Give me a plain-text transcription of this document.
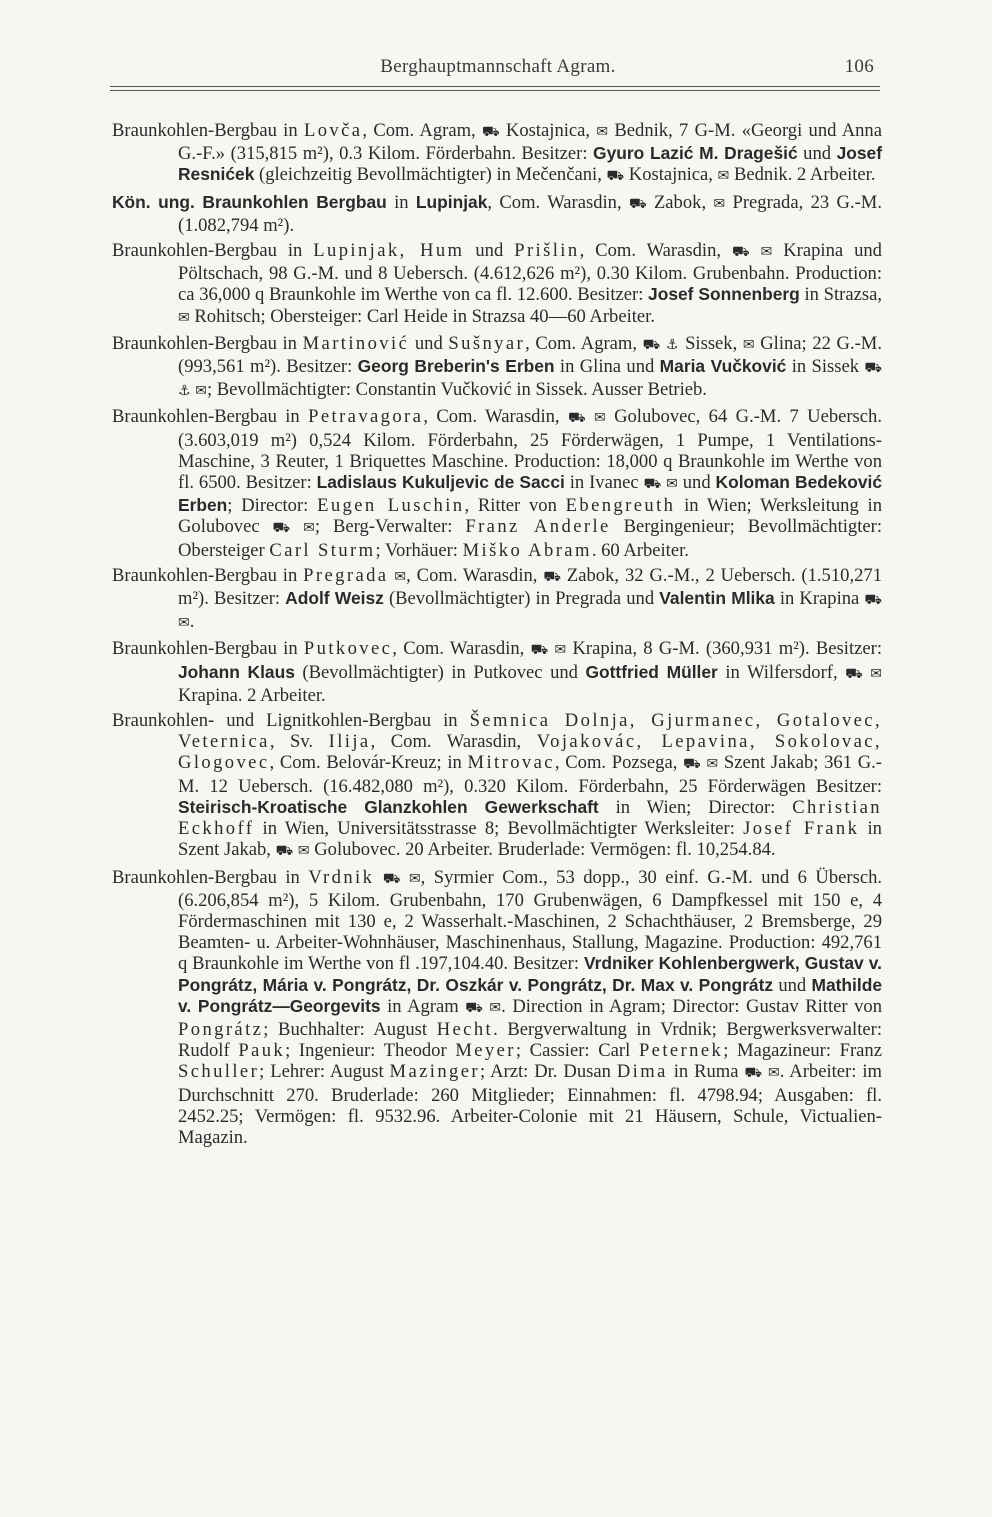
Berghauptmannschaft Agram.	106

Braunkohlen-Bergbau in Lovča, Com. Agram, ⛟ Kostajnica, ✉ Bednik, 7 G-M. «Georgi und Anna G.-F.» (315,815 m²), 0.3 Kilom. Förderbahn. Besitzer: Gyuro Lazić M. Dragešić und Josef Resnićek (gleichzeitig Bevollmächtigter) in Mečenčani, ⛟ Kostajnica, ✉ Bednik. 2 Arbeiter.

Kön. ung. Braunkohlen Bergbau in Lupinjak, Com. Warasdin, ⛟ Zabok, ✉ Pregrada, 23 G.-M. (1.082,794 m²).

Braunkohlen-Bergbau in Lupinjak, Hum und Prišlin, Com. Warasdin, ⛟ ✉ Krapina und Pöltschach, 98 G.-M. und 8 Uebersch. (4.612,626 m²), 0.30 Kilom. Grubenbahn. Production: ca 36,000 q Braunkohle im Werthe von ca fl. 12.600. Besitzer: Josef Sonnenberg in Strazsa, ✉ Rohitsch; Obersteiger: Carl Heide in Strazsa 40—60 Arbeiter.

Braunkohlen-Bergbau in Martinović und Sušnyar, Com. Agram, ⛟ ⚓ Sissek, ✉ Glina; 22 G.-M. (993,561 m²). Besitzer: Georg Breberin's Erben in Glina und Maria Vučković in Sissek ⛟ ⚓ ✉; Bevollmächtigter: Constantin Vučković in Sissek. Ausser Betrieb.

Braunkohlen-Bergbau in Petravagora, Com. Warasdin, ⛟ ✉ Golubovec, 64 G.-M. 7 Uebersch. (3.603,019 m²) 0,524 Kilom. Förderbahn, 25 Förderwägen, 1 Pumpe, 1 Ventilations-Maschine, 3 Reuter, 1 Briquettes Maschine. Production: 18,000 q Braunkohle im Werthe von fl. 6500. Besitzer: Ladislaus Kukuljevic de Sacci in Ivanec ⛟ ✉ und Koloman Bedeković Erben; Director: Eugen Luschin, Ritter von Ebengreuth in Wien; Werksleitung in Golubovec ⛟ ✉; Berg-Verwalter: Franz Anderle Bergingenieur; Bevollmächtigter: Obersteiger Carl Sturm; Vorhäuer: Miško Abram. 60 Arbeiter.

Braunkohlen-Bergbau in Pregrada ✉, Com. Warasdin, ⛟ Zabok, 32 G.-M., 2 Uebersch. (1.510,271 m²). Besitzer: Adolf Weisz (Bevollmächtigter) in Pregrada und Valentin Mlika in Krapina ⛟ ✉.

Braunkohlen-Bergbau in Putkovec, Com. Warasdin, ⛟ ✉ Krapina, 8 G-M. (360,931 m²). Besitzer: Johann Klaus (Bevollmächtigter) in Putkovec und Gottfried Müller in Wilfersdorf, ⛟ ✉ Krapina. 2 Arbeiter.

Braunkohlen- und Lignitkohlen-Bergbau in Šemnica Dolnja, Gjurmanec, Gotalovec, Veternica, Sv. Ilija, Com. Warasdin, Vojakovác, Lepavina, Sokolovac, Glogovec, Com. Belovár-Kreuz; in Mitrovac, Com. Pozsega, ⛟ ✉ Szent Jakab; 361 G.-M. 12 Uebersch. (16.482,080 m²), 0.320 Kilom. Förderbahn, 25 Förderwägen Besitzer: Steirisch-Kroatische Glanzkohlen Gewerkschaft in Wien; Director: Christian Eckhoff in Wien, Universitätsstrasse 8; Bevollmächtigter Werksleiter: Josef Frank in Szent Jakab, ⛟ ✉ Golubovec. 20 Arbeiter. Bruderlade: Vermögen: fl. 10,254.84.

Braunkohlen-Bergbau in Vrdnik ⛟ ✉, Syrmier Com., 53 dopp., 30 einf. G.-M. und 6 Übersch. (6.206,854 m²), 5 Kilom. Grubenbahn, 170 Grubenwägen, 6 Dampfkessel mit 150 e, 4 Fördermaschinen mit 130 e, 2 Wasserhalt.-Maschinen, 2 Schachthäuser, 2 Bremsberge, 29 Beamten- u. Arbeiter-Wohnhäuser, Maschinenhaus, Stallung, Magazine. Production: 492,761 q Braunkohle im Werthe von fl .197,104.40. Besitzer: Vrdniker Kohlenbergwerk, Gustav v. Pongrátz, Mária v. Pongrátz, Dr. Oszkár v. Pongrátz, Dr. Max v. Pongrátz und Mathilde v. Pongrátz—Georgevits in Agram ⛟ ✉. Direction in Agram; Director: Gustav Ritter von Pongrátz; Buchhalter: August Hecht. Bergverwaltung in Vrdnik; Bergwerksverwalter: Rudolf Pauk; Ingenieur: Theodor Meyer; Cassier: Carl Peternek; Magazineur: Franz Schuller; Lehrer: August Mazinger; Arzt: Dr. Dusan Dima in Ruma ⛟ ✉. Arbeiter: im Durchschnitt 270. Bruderlade: 260 Mitglieder; Einnahmen: fl. 4798.94; Ausgaben: fl. 2452.25; Vermögen: fl. 9532.96. Arbeiter-Colonie mit 21 Häusern, Schule, Victualien-Magazin.
